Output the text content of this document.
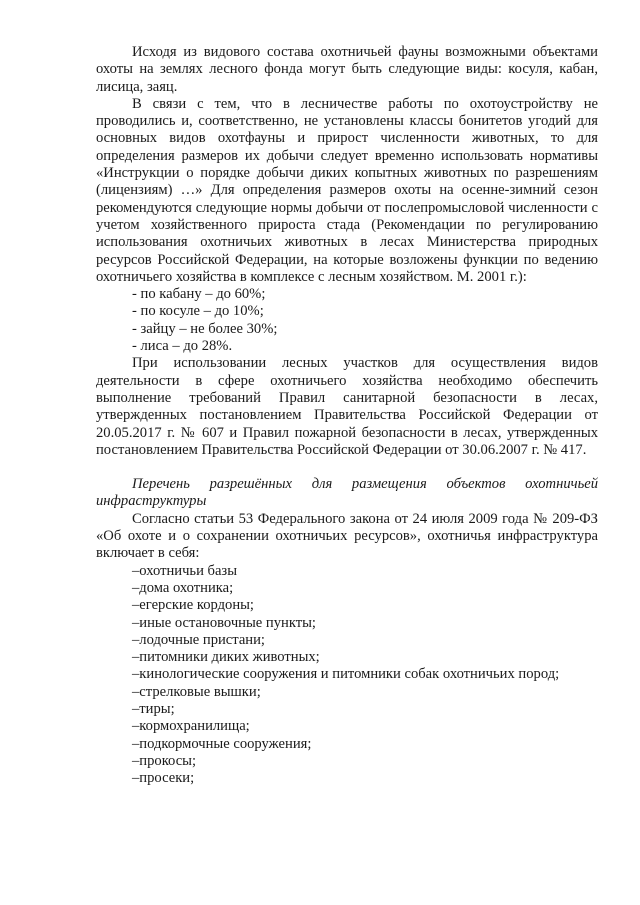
Исходя из видового состава охотничьей фауны возможными объектами охоты на землях лесного фонда могут быть следующие виды: косуля, кабан, лисица, заяц.

В связи с тем, что в лесничестве работы по охотоустройству не проводились и, соответственно, не установлены классы бонитетов угодий для основных видов охотфауны и прирост численности животных, то для определения размеров их добычи следует временно использовать нормативы «Инструкции о порядке добычи диких копытных животных по разрешениям (лицензиям) …» Для определения размеров охоты на осенне-зимний сезон рекомендуются следующие нормы добычи от послепромысловой численности с учетом хозяйственного прироста стада (Рекомендации по регулированию использования охотничьих животных в лесах Министерства природных ресурсов Российской Федерации, на которые возложены функции по ведению охотничьего хозяйства в комплексе с лесным хозяйством. М. 2001 г.):

- по кабану – до 60%;
- по косуле – до 10%;
- зайцу – не более 30%;
- лиса – до 28%.

При использовании лесных участков для осуществления видов деятельности в сфере охотничьего хозяйства необходимо обеспечить выполнение требований Правил санитарной безопасности в лесах, утвержденных постановлением Правительства Российской Федерации от 20.05.2017 г. № 607 и Правил пожарной безопасности в лесах, утвержденных постановлением Правительства Российской Федерации от 30.06.2007 г. № 417.

Перечень разрешённых для размещения объектов охотничьей инфраструктуры

Согласно статьи 53 Федерального закона от 24 июля 2009 года № 209-ФЗ «Об охоте и о сохранении охотничьих ресурсов», охотничья инфраструктура включает в себя:

–охотничьи базы
–дома охотника;
–егерские кордоны;
–иные остановочные пункты;
–лодочные пристани;
–питомники диких животных;
–кинологические сооружения и питомники собак охотничьих пород;
–стрелковые вышки;
–тиры;
–кормохранилища;
–подкормочные сооружения;
–прокосы;
–просеки;
